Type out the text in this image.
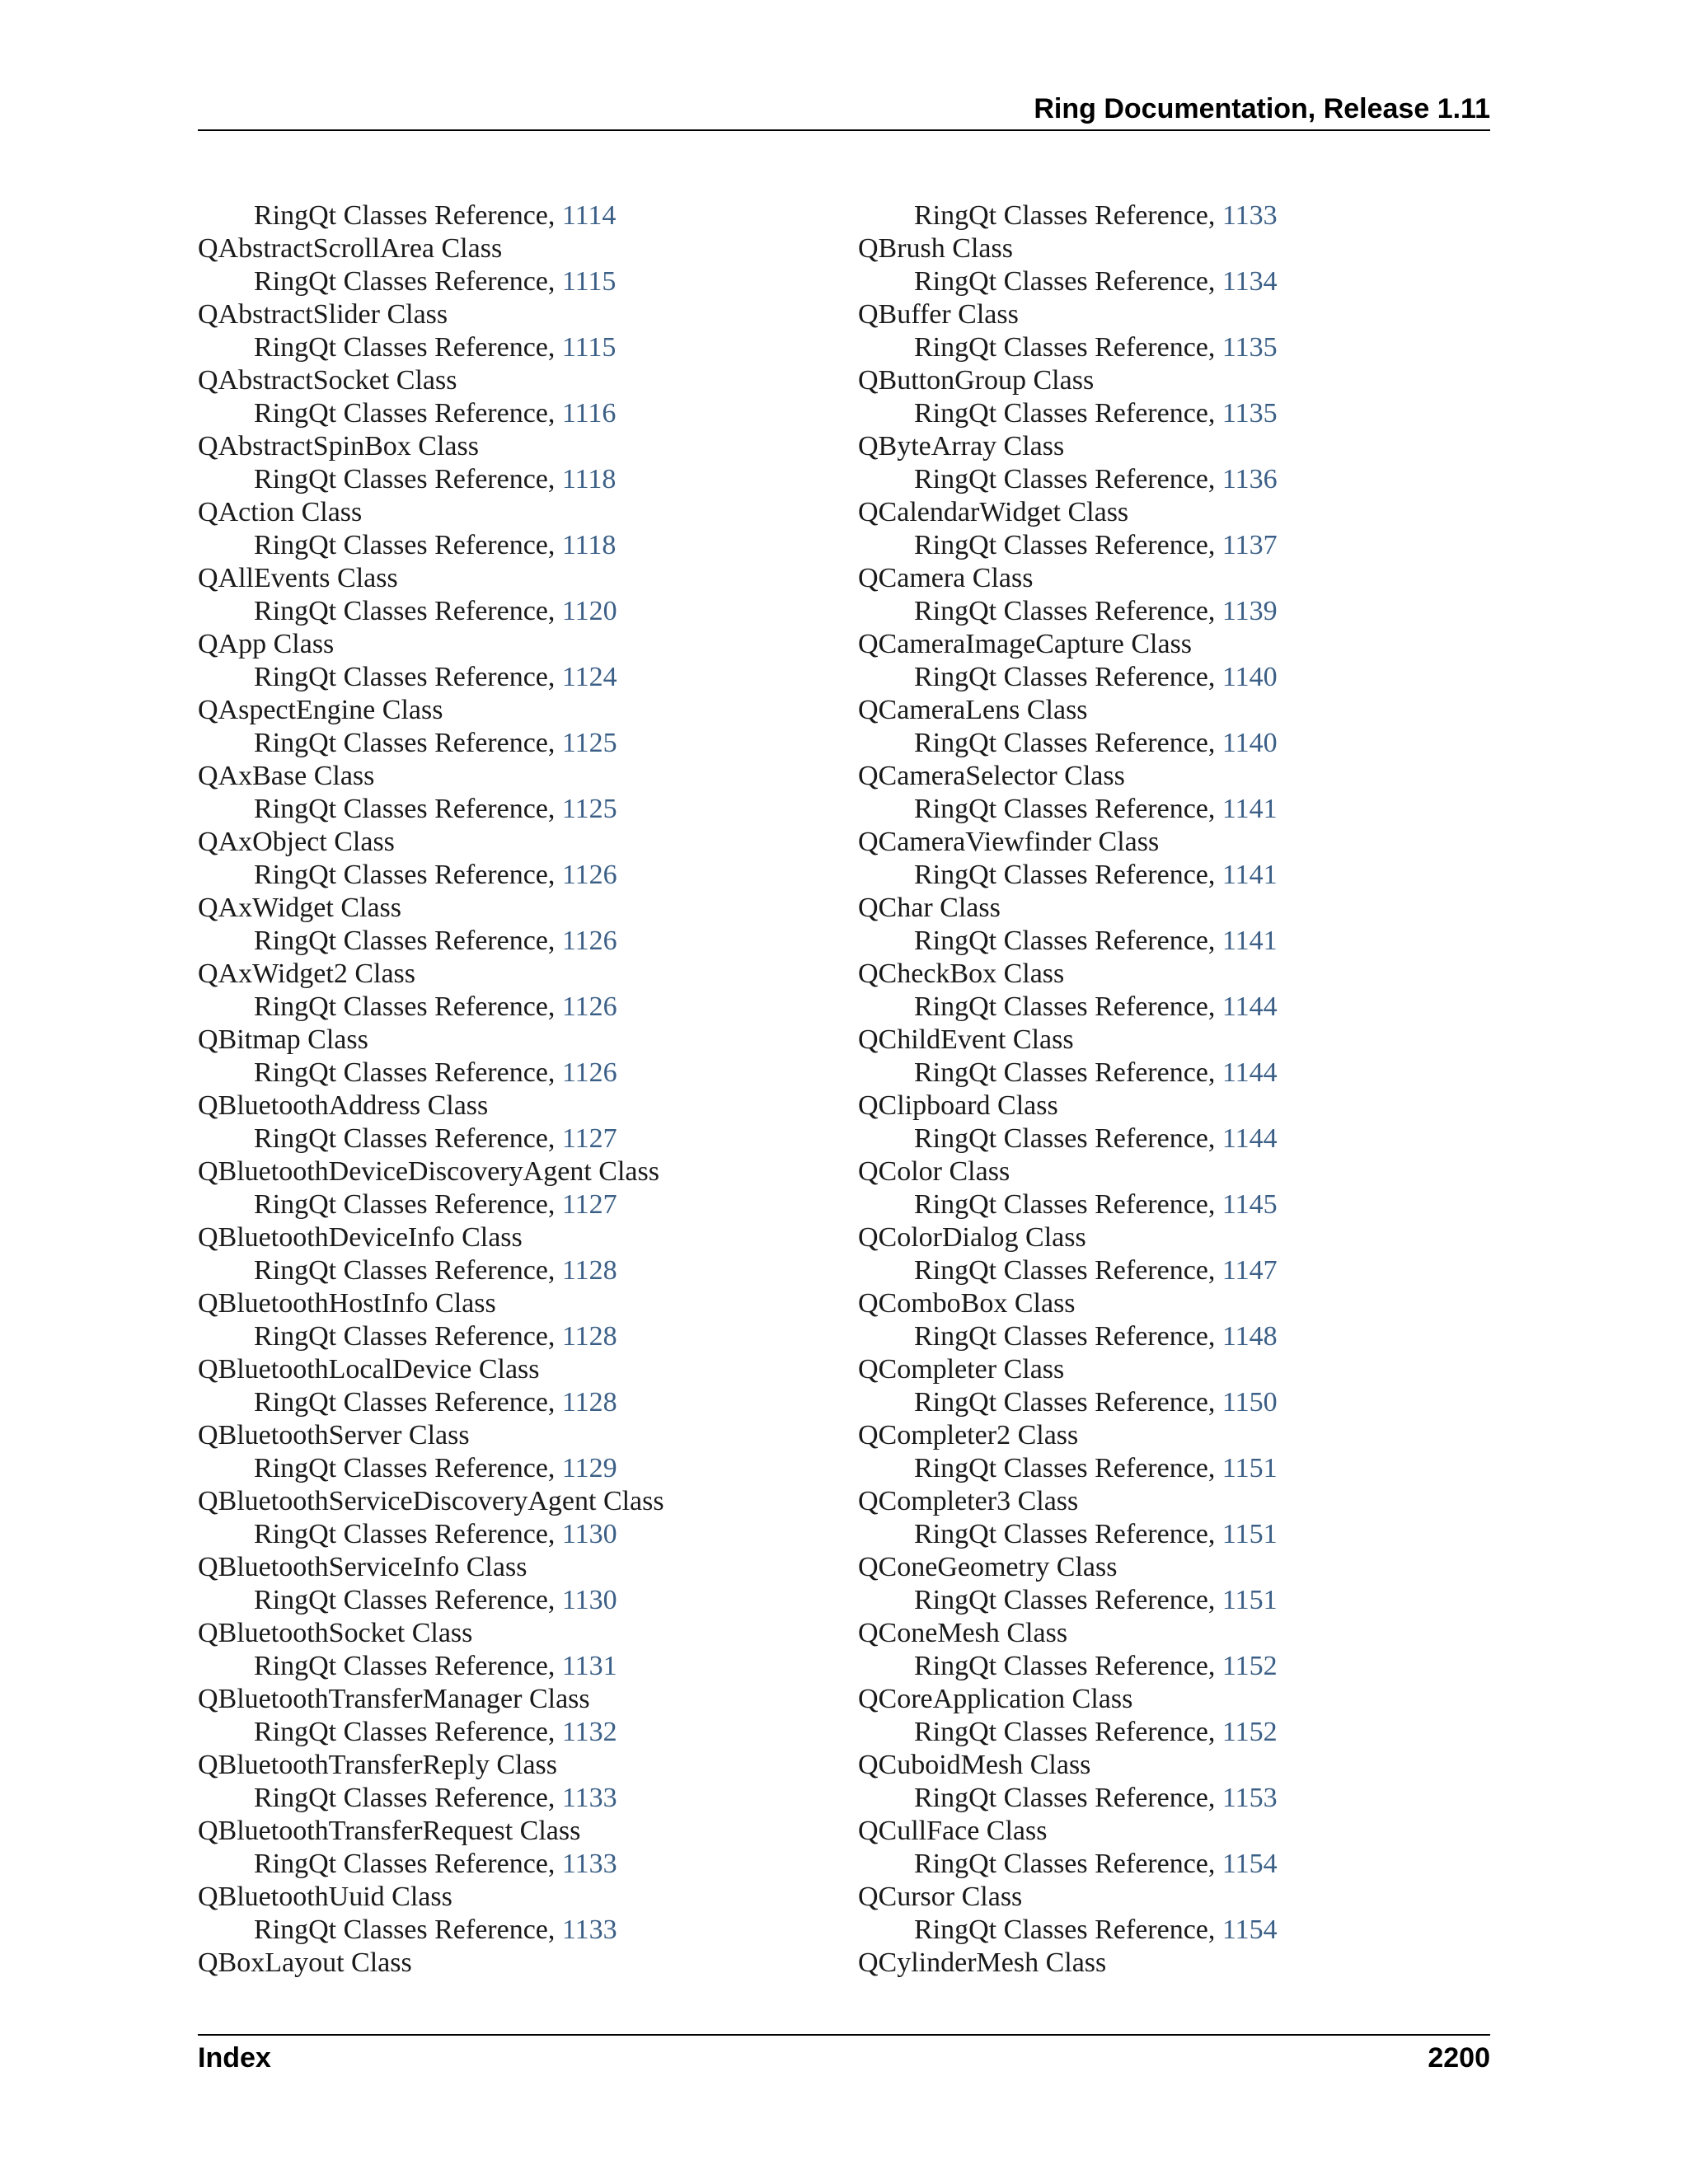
Ring Documentation, Release 1.11
RingQt Classes Reference, 1114
QAbstractScrollArea Class
RingQt Classes Reference, 1115
QAbstractSlider Class
RingQt Classes Reference, 1115
QAbstractSocket Class
RingQt Classes Reference, 1116
QAbstractSpinBox Class
RingQt Classes Reference, 1118
QAction Class
RingQt Classes Reference, 1118
QAllEvents Class
RingQt Classes Reference, 1120
QApp Class
RingQt Classes Reference, 1124
QAspectEngine Class
RingQt Classes Reference, 1125
QAxBase Class
RingQt Classes Reference, 1125
QAxObject Class
RingQt Classes Reference, 1126
QAxWidget Class
RingQt Classes Reference, 1126
QAxWidget2 Class
RingQt Classes Reference, 1126
QBitmap Class
RingQt Classes Reference, 1126
QBluetoothAddress Class
RingQt Classes Reference, 1127
QBluetoothDeviceDiscoveryAgent Class
RingQt Classes Reference, 1127
QBluetoothDeviceInfo Class
RingQt Classes Reference, 1128
QBluetoothHostInfo Class
RingQt Classes Reference, 1128
QBluetoothLocalDevice Class
RingQt Classes Reference, 1128
QBluetoothServer Class
RingQt Classes Reference, 1129
QBluetoothServiceDiscoveryAgent Class
RingQt Classes Reference, 1130
QBluetoothServiceInfo Class
RingQt Classes Reference, 1130
QBluetoothSocket Class
RingQt Classes Reference, 1131
QBluetoothTransferManager Class
RingQt Classes Reference, 1132
QBluetoothTransferReply Class
RingQt Classes Reference, 1133
QBluetoothTransferRequest Class
RingQt Classes Reference, 1133
QBluetoothUuid Class
RingQt Classes Reference, 1133
QBoxLayout Class
RingQt Classes Reference, 1133
QBrush Class
RingQt Classes Reference, 1134
QBuffer Class
RingQt Classes Reference, 1135
QButtonGroup Class
RingQt Classes Reference, 1135
QByteArray Class
RingQt Classes Reference, 1136
QCalendarWidget Class
RingQt Classes Reference, 1137
QCamera Class
RingQt Classes Reference, 1139
QCameraImageCapture Class
RingQt Classes Reference, 1140
QCameraLens Class
RingQt Classes Reference, 1140
QCameraSelector Class
RingQt Classes Reference, 1141
QCameraViewfinder Class
RingQt Classes Reference, 1141
QChar Class
RingQt Classes Reference, 1141
QCheckBox Class
RingQt Classes Reference, 1144
QChildEvent Class
RingQt Classes Reference, 1144
QClipboard Class
RingQt Classes Reference, 1144
QColor Class
RingQt Classes Reference, 1145
QColorDialog Class
RingQt Classes Reference, 1147
QComboBox Class
RingQt Classes Reference, 1148
QCompleter Class
RingQt Classes Reference, 1150
QCompleter2 Class
RingQt Classes Reference, 1151
QCompleter3 Class
RingQt Classes Reference, 1151
QConeGeometry Class
RingQt Classes Reference, 1151
QConeMesh Class
RingQt Classes Reference, 1152
QCoreApplication Class
RingQt Classes Reference, 1152
QCuboidMesh Class
RingQt Classes Reference, 1153
QCullFace Class
RingQt Classes Reference, 1154
QCursor Class
RingQt Classes Reference, 1154
QCylinderMesh Class
Index	2200
